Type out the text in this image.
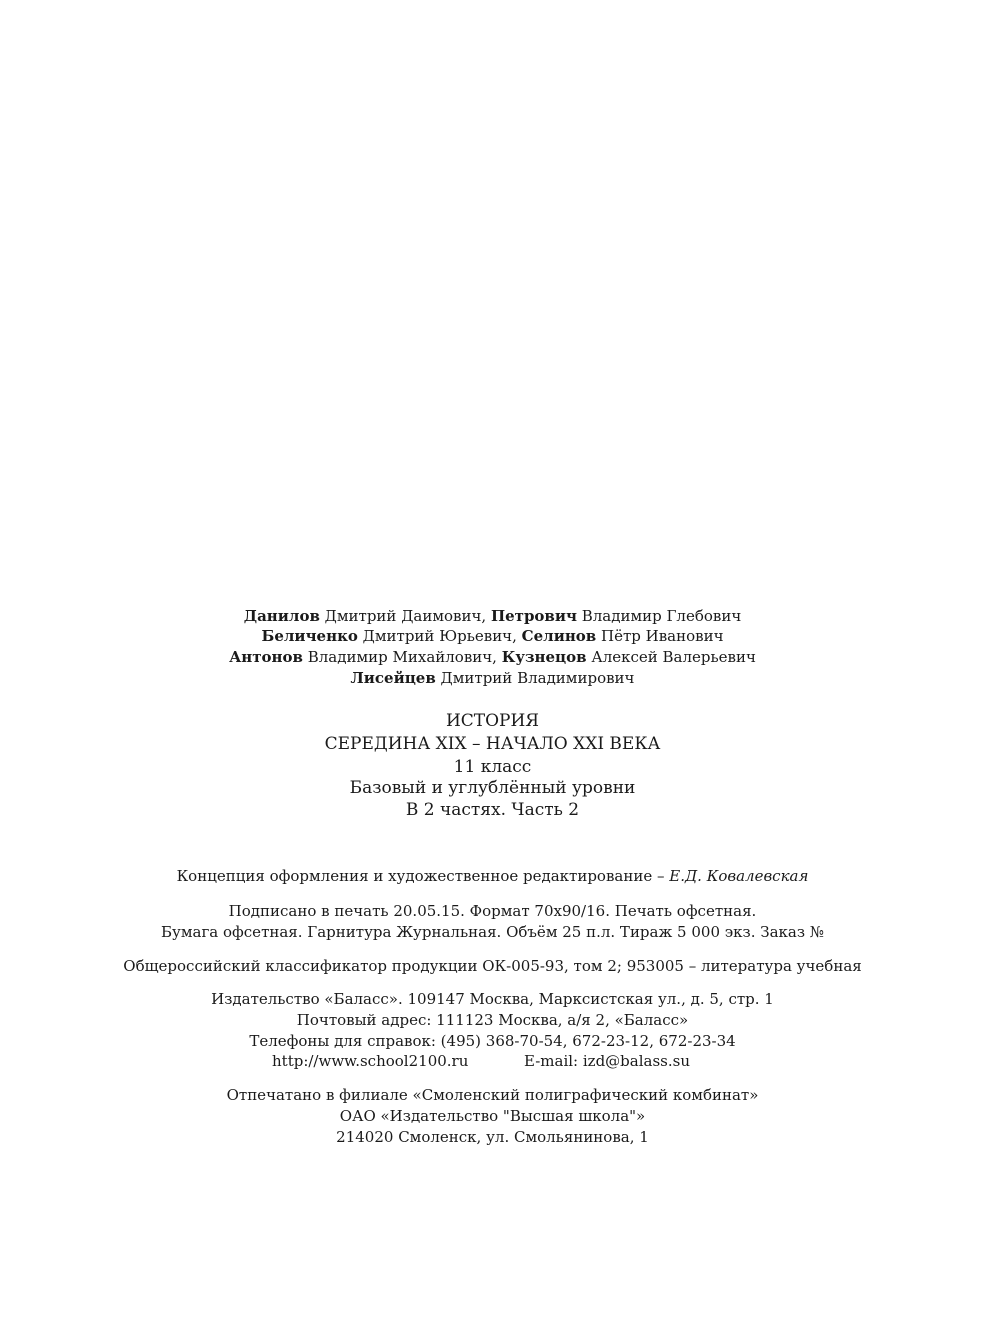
Данилов Дмитрий Даимович, Петрович Владимир Глебович
Беличенко Дмитрий Юрьевич, Селинов Пётр Иванович
Антонов Владимир Михайлович, Кузнецов Алексей Валерьевич
Лисейцев Дмитрий Владимирович
ИСТОРИЯ
СЕРЕДИНА XIX – НАЧАЛО XXI ВЕКА
11 класс
Базовый и углублённый уровни
В 2 частях. Часть 2
Концепция оформления и художественное редактирование – Е.Д. Ковалевская
Подписано в печать 20.05.15. Формат 70x90/16. Печать офсетная.
Бумага офсетная. Гарнитура Журнальная. Объём 25 п.л. Тираж 5 000 экз. Заказ №
Общероссийский классификатор продукции ОК-005-93, том 2; 953005 – литература учебная
Издательство «Баласс». 109147 Москва, Марксистская ул., д. 5, стр. 1
Почтовый адрес: 111123 Москва, а/я 2, «Баласс»
Телефоны для справок: (495) 368-70-54, 672-23-12, 672-23-34
http://www.school2100.ru	E-mail: izd@balass.su
Отпечатано в филиале «Смоленский полиграфический комбинат»
ОАО «Издательство "Высшая школа"»
214020 Смоленск, ул. Смольянинова, 1
